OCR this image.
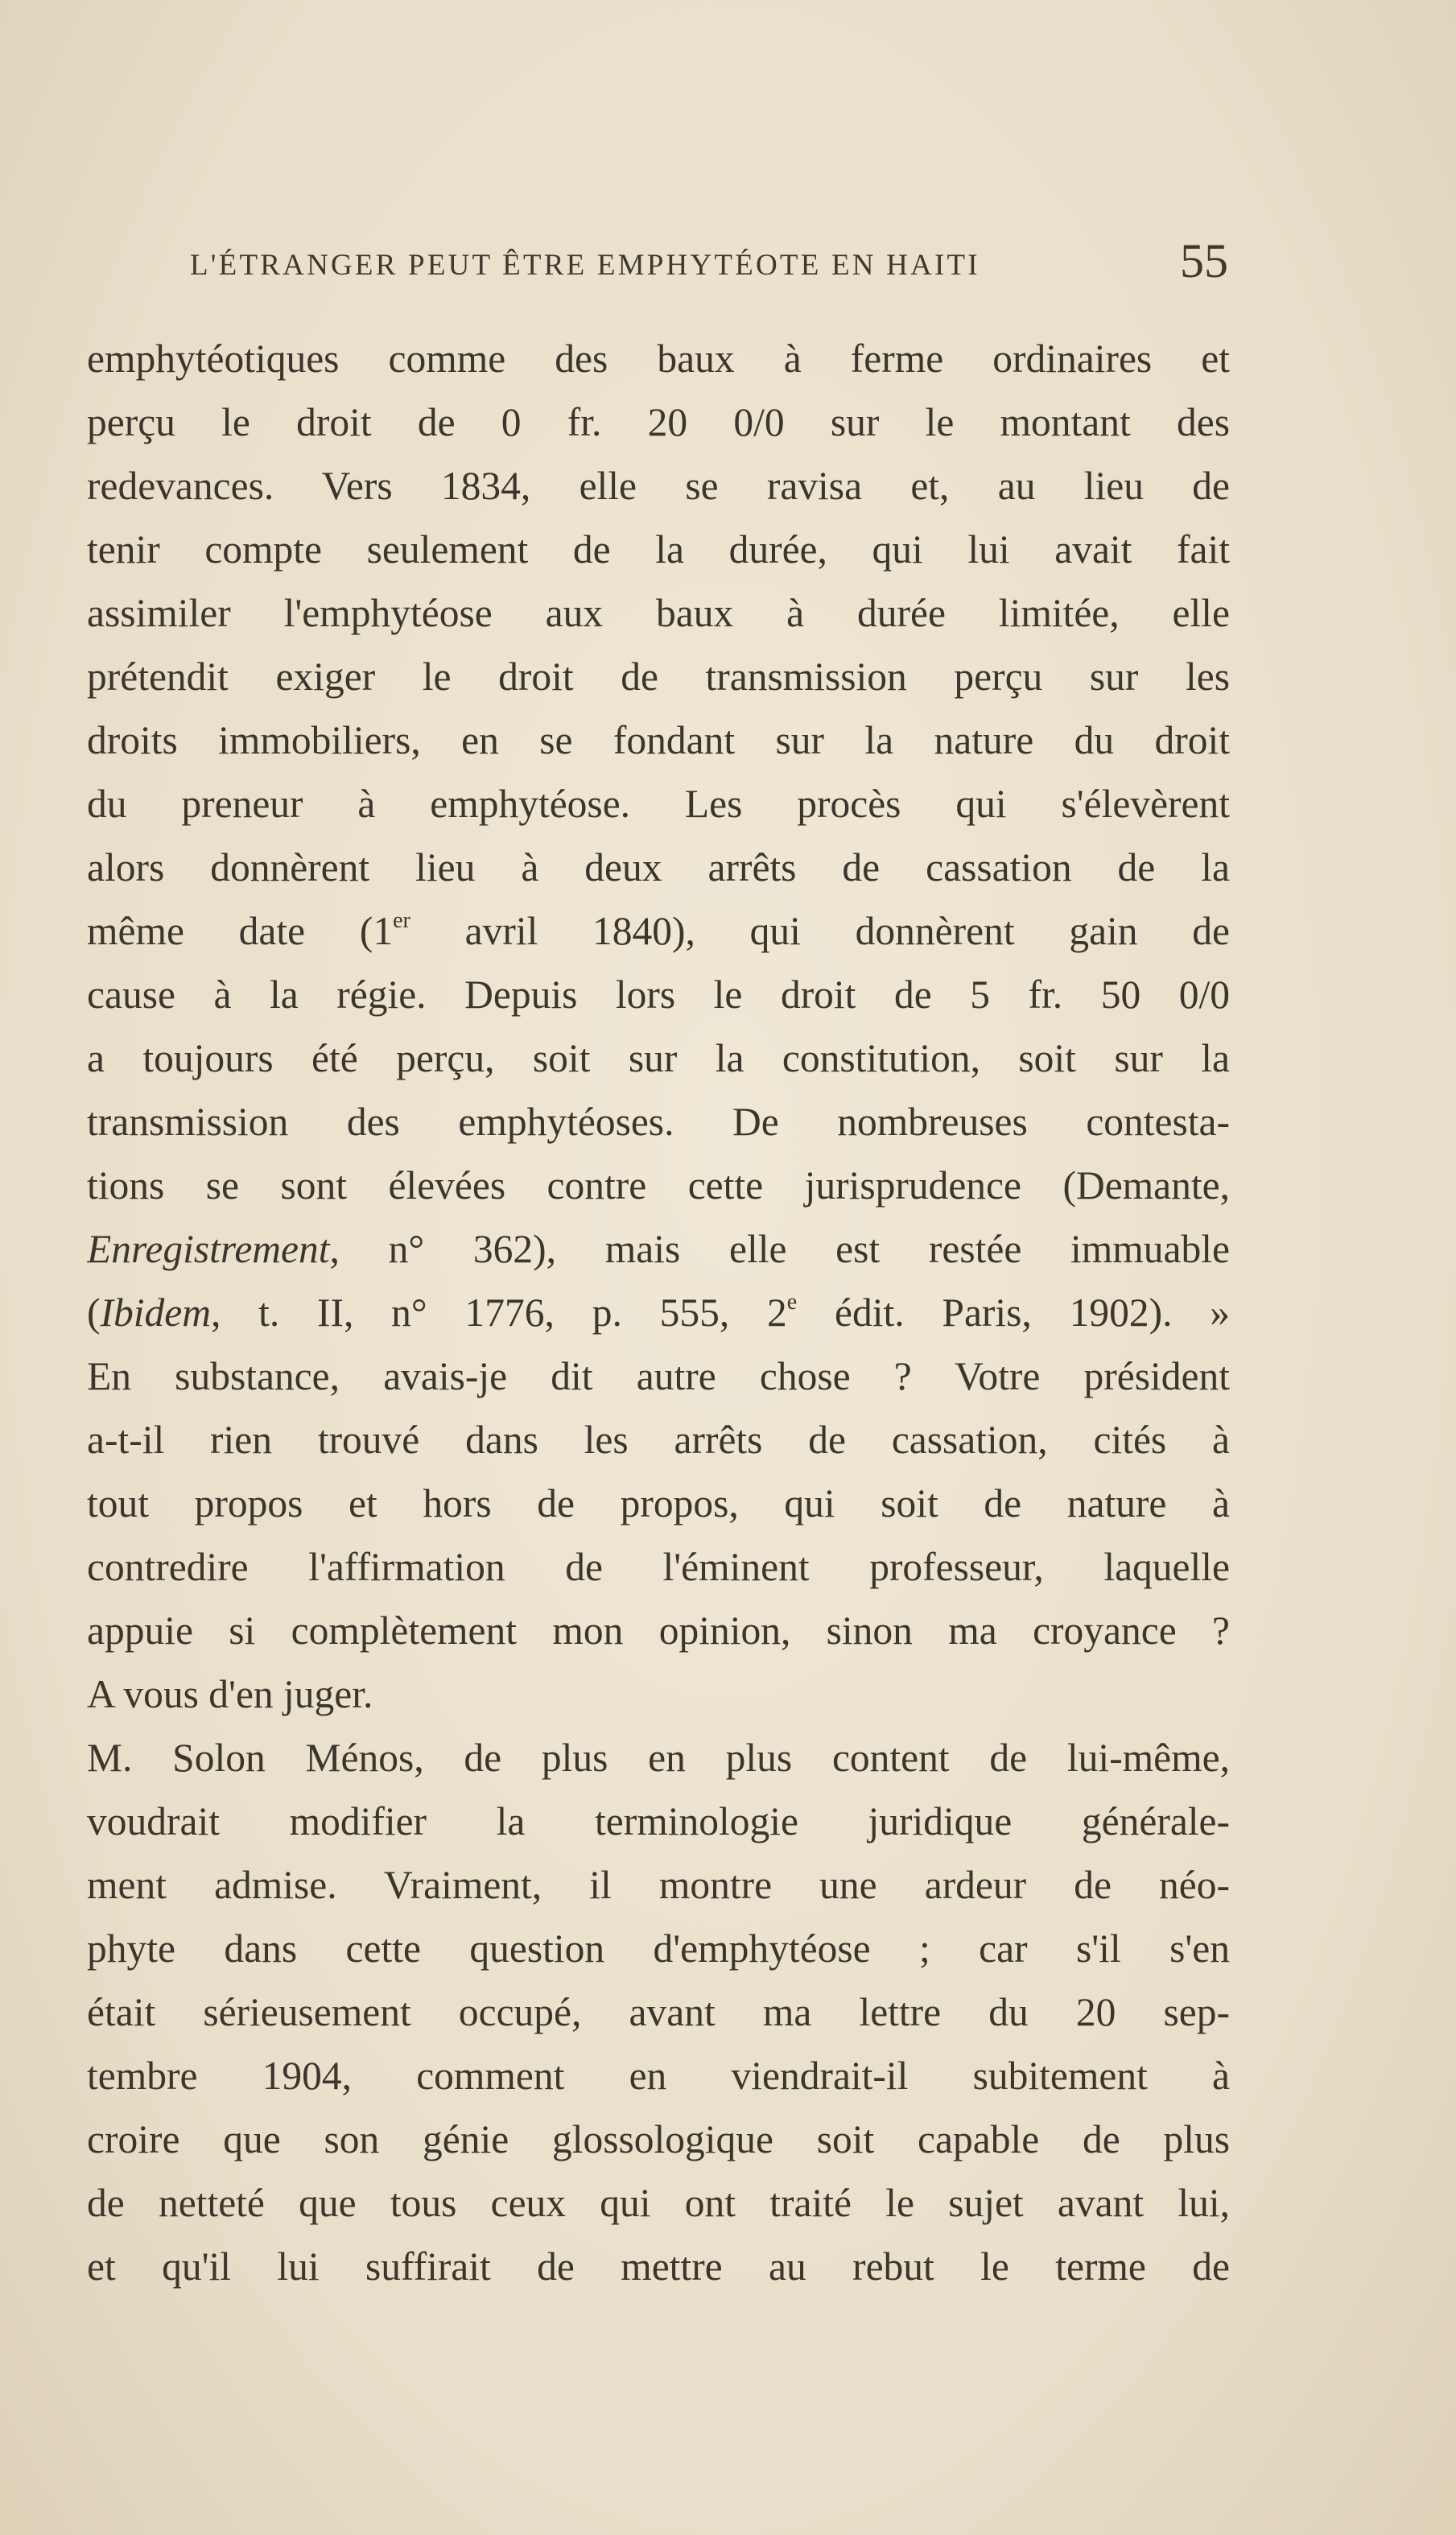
L'ÉTRANGER PEUT ÊTRE EMPHYTÉOTE EN HAITI	55
emphytéotiques comme des baux à ferme ordinaires et
perçu le droit de 0 fr. 20 0/0 sur le montant des
redevances. Vers 1834, elle se ravisa et, au lieu de
tenir compte seulement de la durée, qui lui avait fait
assimiler l'emphytéose aux baux à durée limitée, elle
prétendit exiger le droit de transmission perçu sur les
droits immobiliers, en se fondant sur la nature du droit
du preneur à emphytéose. Les procès qui s'élevèrent
alors donnèrent lieu à deux arrêts de cassation de la
même date (1er avril 1840), qui donnèrent gain de
cause à la régie. Depuis lors le droit de 5 fr. 50 0/0
a toujours été perçu, soit sur la constitution, soit sur la
transmission des emphytéoses. De nombreuses contesta-
tions se sont élevées contre cette jurisprudence (Demante,
Enregistrement, n° 362), mais elle est restée immuable
(Ibidem, t. II, n° 1776, p. 555, 2e édit. Paris, 1902). »
En substance, avais-je dit autre chose ? Votre président
a-t-il rien trouvé dans les arrêts de cassation, cités à
tout propos et hors de propos, qui soit de nature à
contredire l'affirmation de l'éminent professeur, laquelle
appuie si complètement mon opinion, sinon ma croyance ?
A vous d'en juger.
M. Solon Ménos, de plus en plus content de lui-même,
voudrait modifier la terminologie juridique générale-
ment admise. Vraiment, il montre une ardeur de néo-
phyte dans cette question d'emphytéose ; car s'il s'en
était sérieusement occupé, avant ma lettre du 20 sep-
tembre 1904, comment en viendrait-il subitement à
croire que son génie glossologique soit capable de plus
de netteté que tous ceux qui ont traité le sujet avant lui,
et qu'il lui suffirait de mettre au rebut le terme de
